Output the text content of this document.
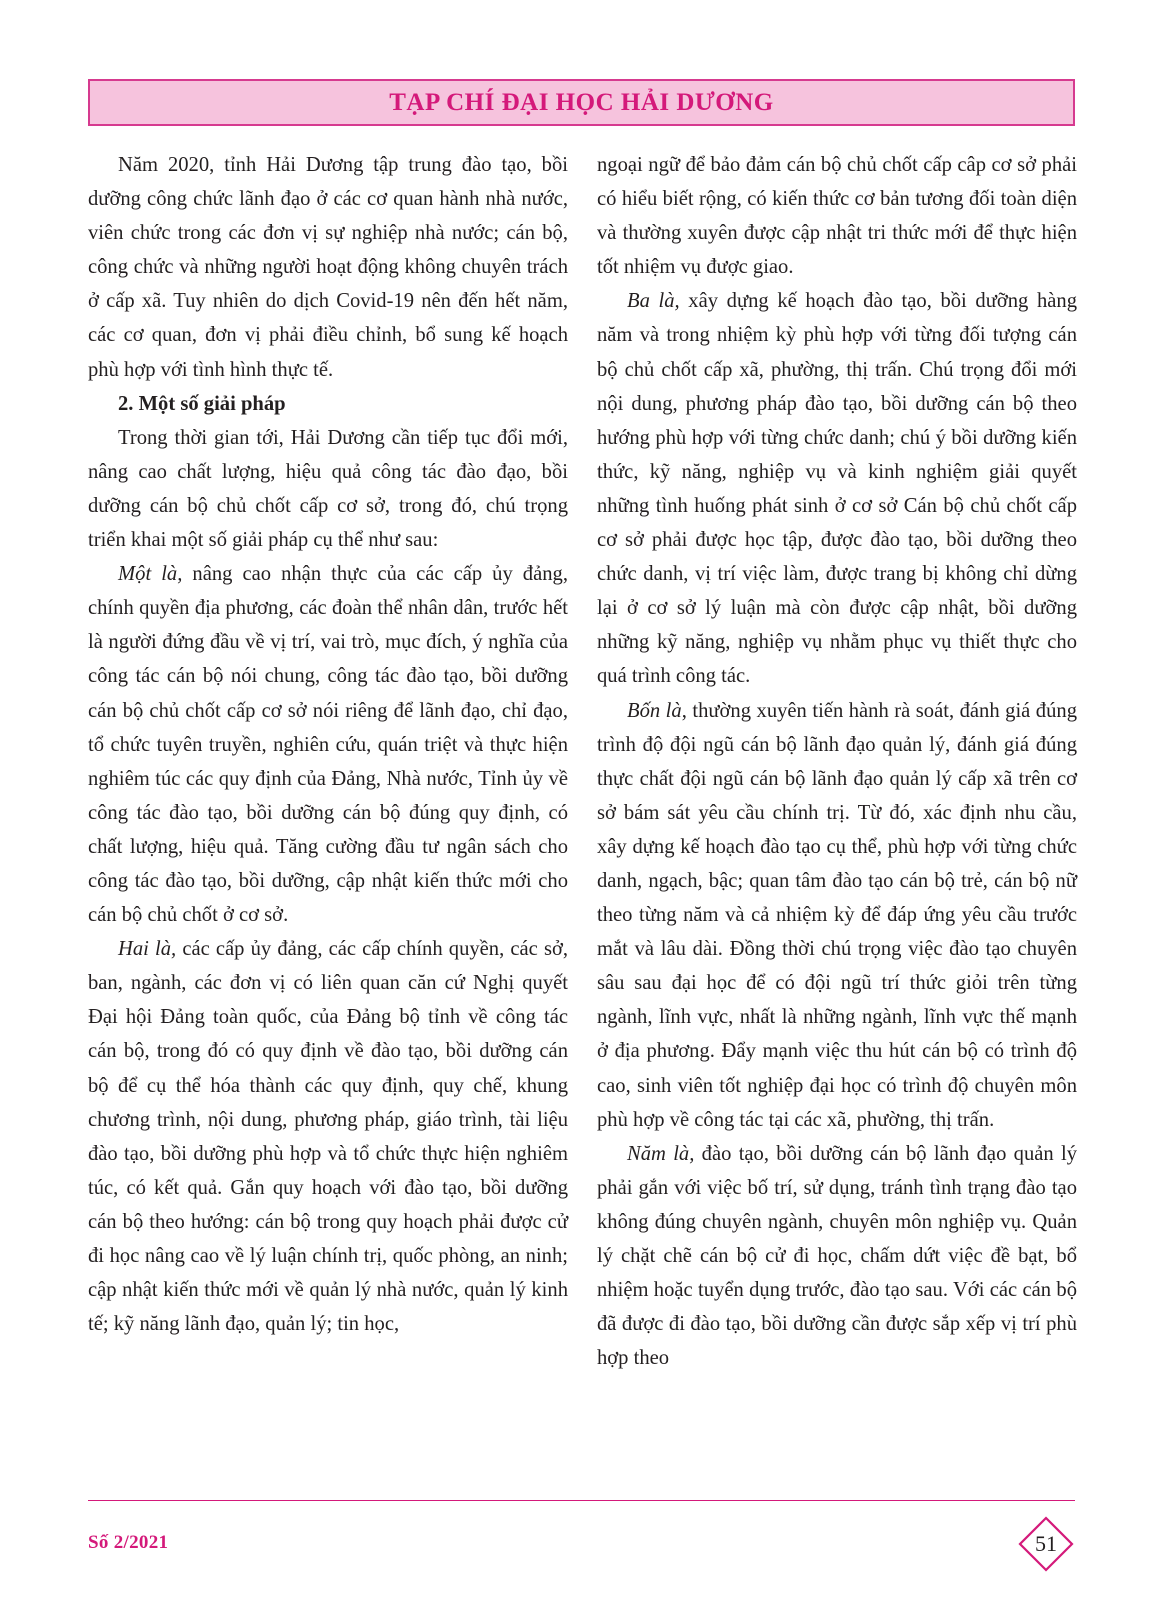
TẠP CHÍ ĐẠI HỌC HẢI DƯƠNG

Năm 2020, tỉnh Hải Dương tập trung đào tạo, bồi dưỡng công chức lãnh đạo ở các cơ quan hành nhà nước, viên chức trong các đơn vị sự nghiệp nhà nước; cán bộ, công chức và những người hoạt động không chuyên trách ở cấp xã. Tuy nhiên do dịch Covid-19 nên đến hết năm, các cơ quan, đơn vị phải điều chỉnh, bổ sung kế hoạch phù hợp với tình hình thực tế.

2. Một số giải pháp

Trong thời gian tới, Hải Dương cần tiếp tục đổi mới, nâng cao chất lượng, hiệu quả công tác đào đạo, bồi dưỡng cán bộ chủ chốt cấp cơ sở, trong đó, chú trọng triển khai một số giải pháp cụ thể như sau:

Một là, nâng cao nhận thực của các cấp ủy đảng, chính quyền địa phương, các đoàn thể nhân dân, trước hết là người đứng đầu về vị trí, vai trò, mục đích, ý nghĩa của công tác cán bộ nói chung, công tác đào tạo, bồi dưỡng cán bộ chủ chốt cấp cơ sở nói riêng để lãnh đạo, chỉ đạo, tổ chức tuyên truyền, nghiên cứu, quán triệt và thực hiện nghiêm túc các quy định của Đảng, Nhà nước, Tỉnh ủy về công tác đào tạo, bồi dưỡng cán bộ đúng quy định, có chất lượng, hiệu quả. Tăng cường đầu tư ngân sách cho công tác đào tạo, bồi dưỡng, cập nhật kiến thức mới cho cán bộ chủ chốt ở cơ sở.

Hai là, các cấp ủy đảng, các cấp chính quyền, các sở, ban, ngành, các đơn vị có liên quan căn cứ Nghị quyết Đại hội Đảng toàn quốc, của Đảng bộ tỉnh về công tác cán bộ, trong đó có quy định về đào tạo, bồi dưỡng cán bộ để cụ thể hóa thành các quy định, quy chế, khung chương trình, nội dung, phương pháp, giáo trình, tài liệu đào tạo, bồi dưỡng phù hợp và tổ chức thực hiện nghiêm túc, có kết quả. Gắn quy hoạch với đào tạo, bồi dưỡng cán bộ theo hướng: cán bộ trong quy hoạch phải được cử đi học nâng cao về lý luận chính trị, quốc phòng, an ninh; cập nhật kiến thức mới về quản lý nhà nước, quản lý kinh tế; kỹ năng lãnh đạo, quản lý; tin học,

ngoại ngữ để bảo đảm cán bộ chủ chốt cấp câp cơ sở phải có hiểu biết rộng, có kiến thức cơ bản tương đối toàn diện và thường xuyên được cập nhật tri thức mới để thực hiện tốt nhiệm vụ được giao.

Ba là, xây dựng kế hoạch đào tạo, bồi dưỡng hàng năm và trong nhiệm kỳ phù hợp với từng đối tượng cán bộ chủ chốt cấp xã, phường, thị trấn. Chú trọng đổi mới nội dung, phương pháp đào tạo, bồi dưỡng cán bộ theo hướng phù hợp với từng chức danh; chú ý bồi dưỡng kiến thức, kỹ năng, nghiệp vụ và kinh nghiệm giải quyết những tình huống phát sinh ở cơ sở Cán bộ chủ chốt cấp cơ sở phải được học tập, được đào tạo, bồi dưỡng theo chức danh, vị trí việc làm, được trang bị không chỉ dừng lại ở cơ sở lý luận mà còn được cập nhật, bồi dưỡng những kỹ năng, nghiệp vụ nhằm phục vụ thiết thực cho quá trình công tác.

Bốn là, thường xuyên tiến hành rà soát, đánh giá đúng trình độ đội ngũ cán bộ lãnh đạo quản lý, đánh giá đúng thực chất đội ngũ cán bộ lãnh đạo quản lý cấp xã trên cơ sở bám sát yêu cầu chính trị. Từ đó, xác định nhu cầu, xây dựng kế hoạch đào tạo cụ thể, phù hợp với từng chức danh, ngạch, bậc; quan tâm đào tạo cán bộ trẻ, cán bộ nữ theo từng năm và cả nhiệm kỳ để đáp ứng yêu cầu trước mắt và lâu dài. Đồng thời chú trọng việc đào tạo chuyên sâu sau đại học để có đội ngũ trí thức giỏi trên từng ngành, lĩnh vực, nhất là những ngành, lĩnh vực thế mạnh ở địa phương. Đẩy mạnh việc thu hút cán bộ có trình độ cao, sinh viên tốt nghiệp đại học có trình độ chuyên môn phù hợp về công tác tại các xã, phường, thị trấn.

Năm là, đào tạo, bồi dưỡng cán bộ lãnh đạo quản lý phải gắn với việc bố trí, sử dụng, tránh tình trạng đào tạo không đúng chuyên ngành, chuyên môn nghiệp vụ. Quản lý chặt chẽ cán bộ cử đi học, chấm dứt việc đề bạt, bổ nhiệm hoặc tuyển dụng trước, đào tạo sau. Với các cán bộ đã được đi đào tạo, bồi dưỡng cần được sắp xếp vị trí phù hợp theo

Số 2/2021	51
